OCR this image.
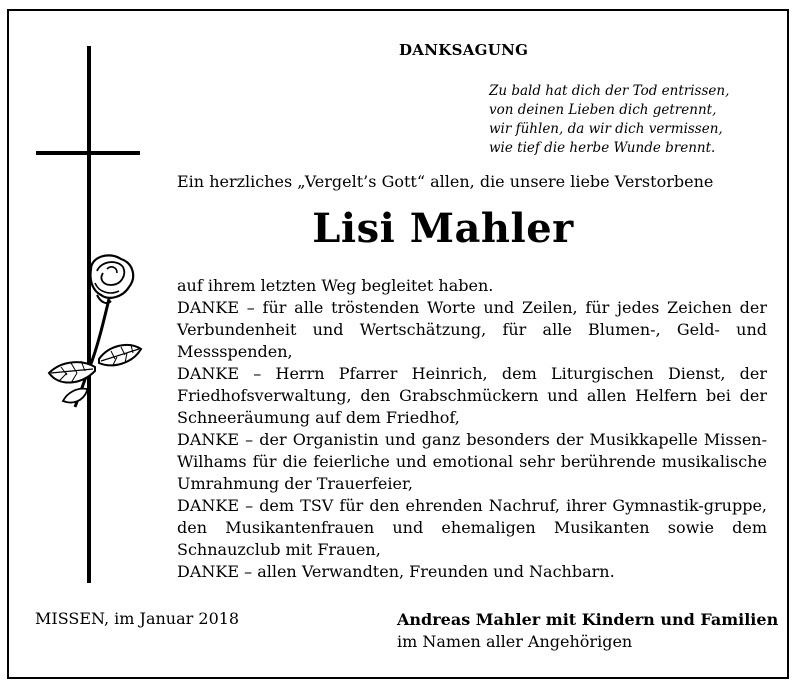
DANKSAGUNG
Zu bald hat dich der Tod entrissen,
von deinen Lieben dich getrennt,
wir fühlen, da wir dich vermissen,
wie tief die herbe Wunde brennt.
Ein herzliches „Vergelt’s Gott“ allen, die unsere liebe Verstorbene
Lisi Mahler

auf ihrem letzten Weg begleitet haben.

DANKE – für alle tröstenden Worte und Zeilen, für jedes Zeichen der Verbundenheit und Wertschätzung, für alle Blumen-, Geld- und Messspenden,

DANKE – Herrn Pfarrer Heinrich, dem Liturgischen Dienst, der Friedhofsverwaltung, den Grabschmückern und allen Helfern bei der Schneeräumung auf dem Friedhof,

DANKE – der Organistin und ganz besonders der Musikkapelle Missen-Wilhams für die feierliche und emotional sehr berührende musikalische Umrahmung der Trauerfeier,

DANKE – dem TSV für den ehrenden Nachruf, ihrer Gymnastik-gruppe, den Musikantenfrauen und ehemaligen Musikanten sowie dem Schnauzclub mit Frauen,

DANKE – allen Verwandten, Freunden und Nachbarn.

MISSEN, im Januar 2018	Andreas Mahler mit Kindern und Familien
im Namen aller Angehörigen
